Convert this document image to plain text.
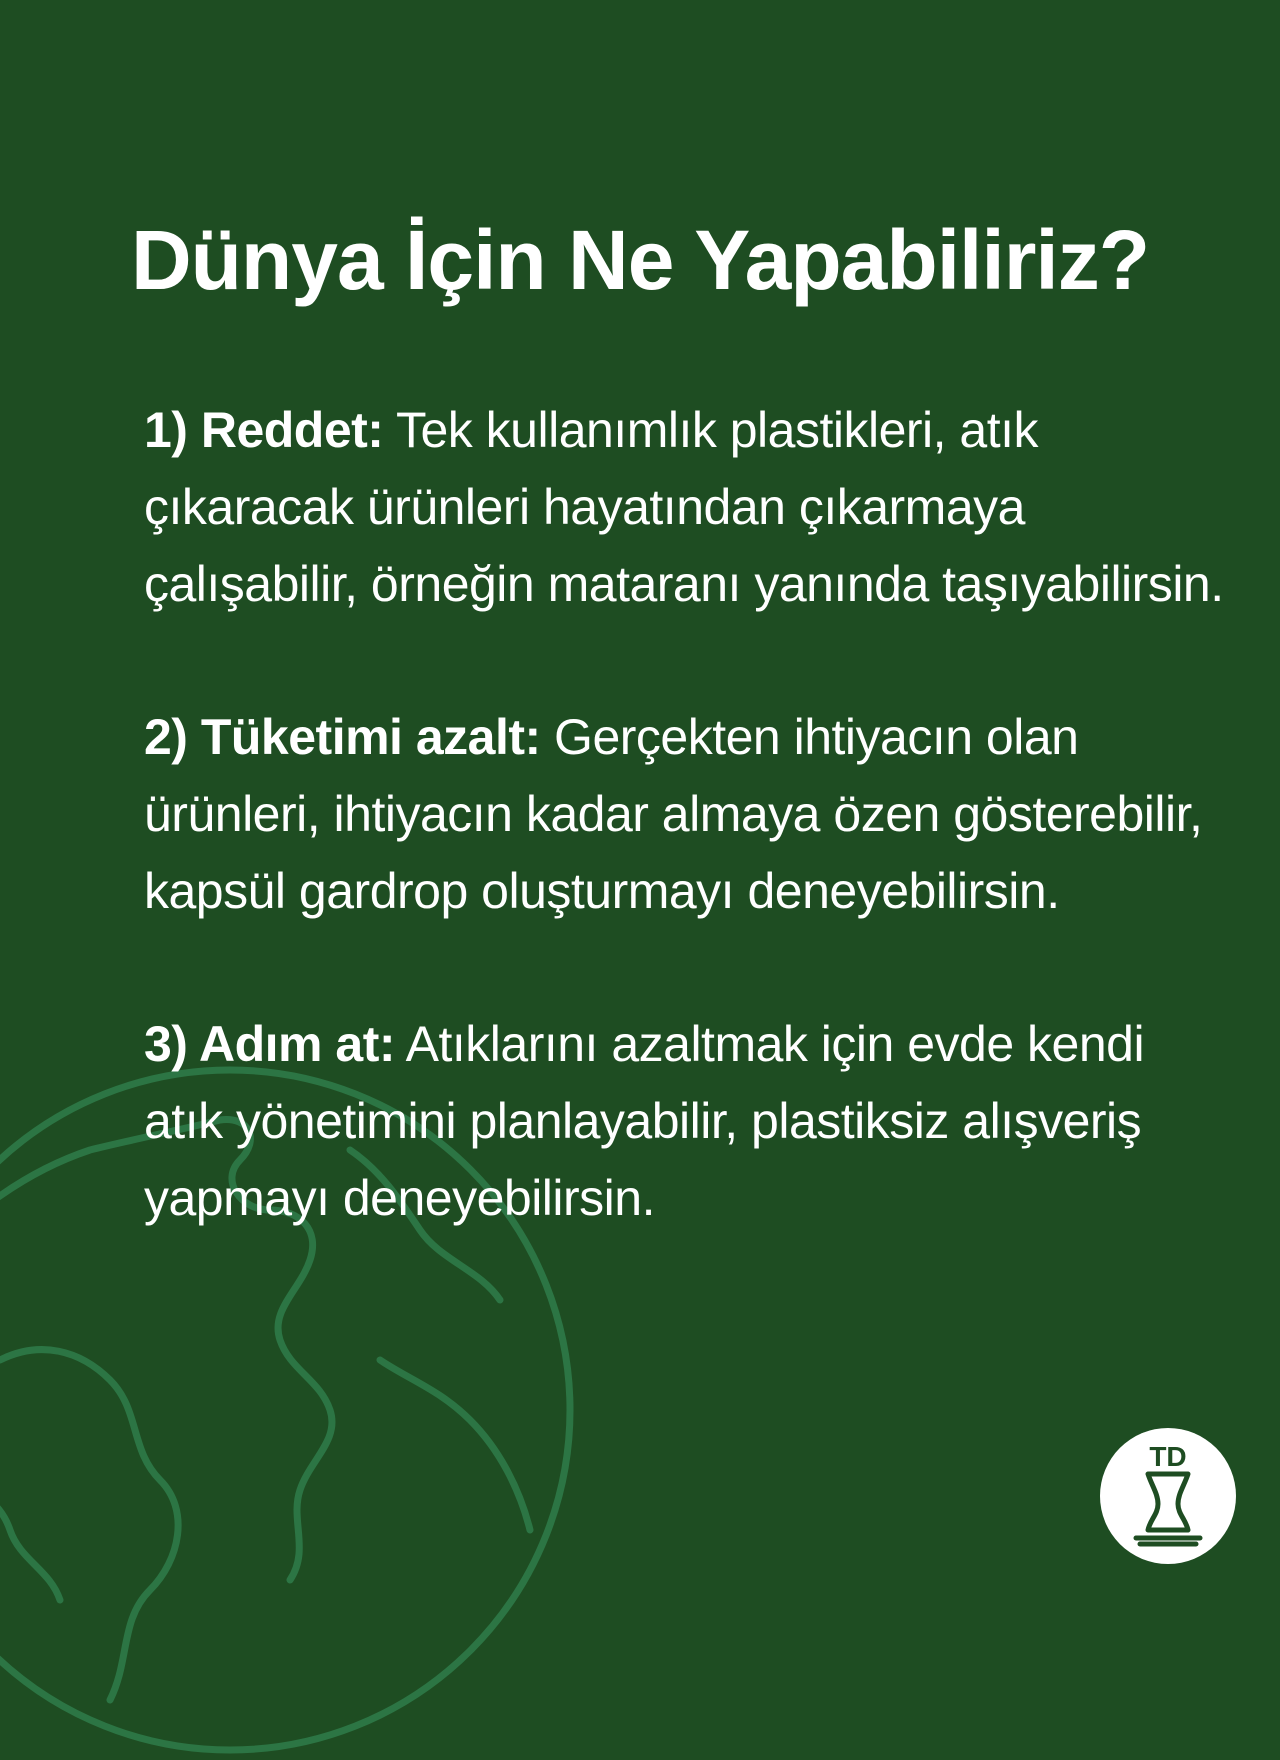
Dünya İçin Ne Yapabiliriz?

1) Reddet: Tek kullanımlık plastikleri, atık çıkaracak ürünleri hayatından çıkarmaya çalışabilir, örneğin mataranı yanında taşıyabilirsin.

2) Tüketimi azalt: Gerçekten ihtiyacın olan ürünleri, ihtiyacın kadar almaya özen gösterebilir, kapsül gardrop oluşturmayı deneyebilirsin.

3) Adım at: Atıklarını azaltmak için evde kendi atık yönetimini planlayabilir, plastiksiz alışveriş yapmayı deneyebilirsin.

TD
